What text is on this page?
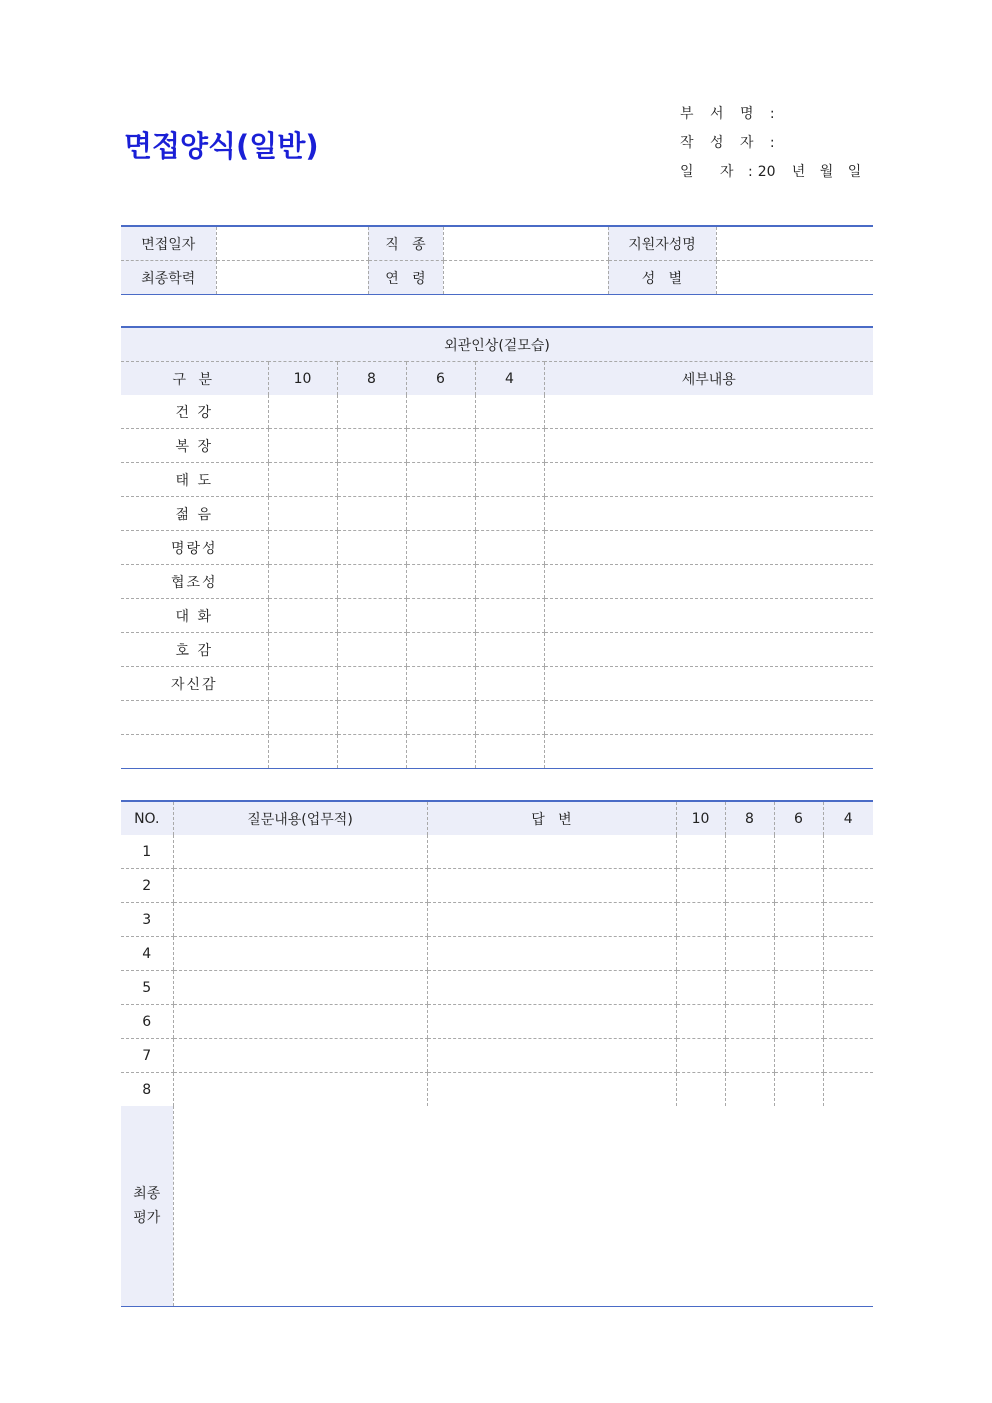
면접양식(일반)
부 서 명 :
작 성 자 :
일 자 :20 년 월 일
면접일자		직   종		지원자성명	
최종학력		연   령		성   별	
외관인상(겉모습)					
구 분	10	8	6	4	세부내용
건 강					
복 장					
태 도					
젊 음					
명랑성					
협조성					
대 화					
호 감					
자신감					

NO.	질문내용(업무적)	답   변	10	8	6	4
1						
2						
3						
4						
5						
6						
7						
8						
최종
평가						
